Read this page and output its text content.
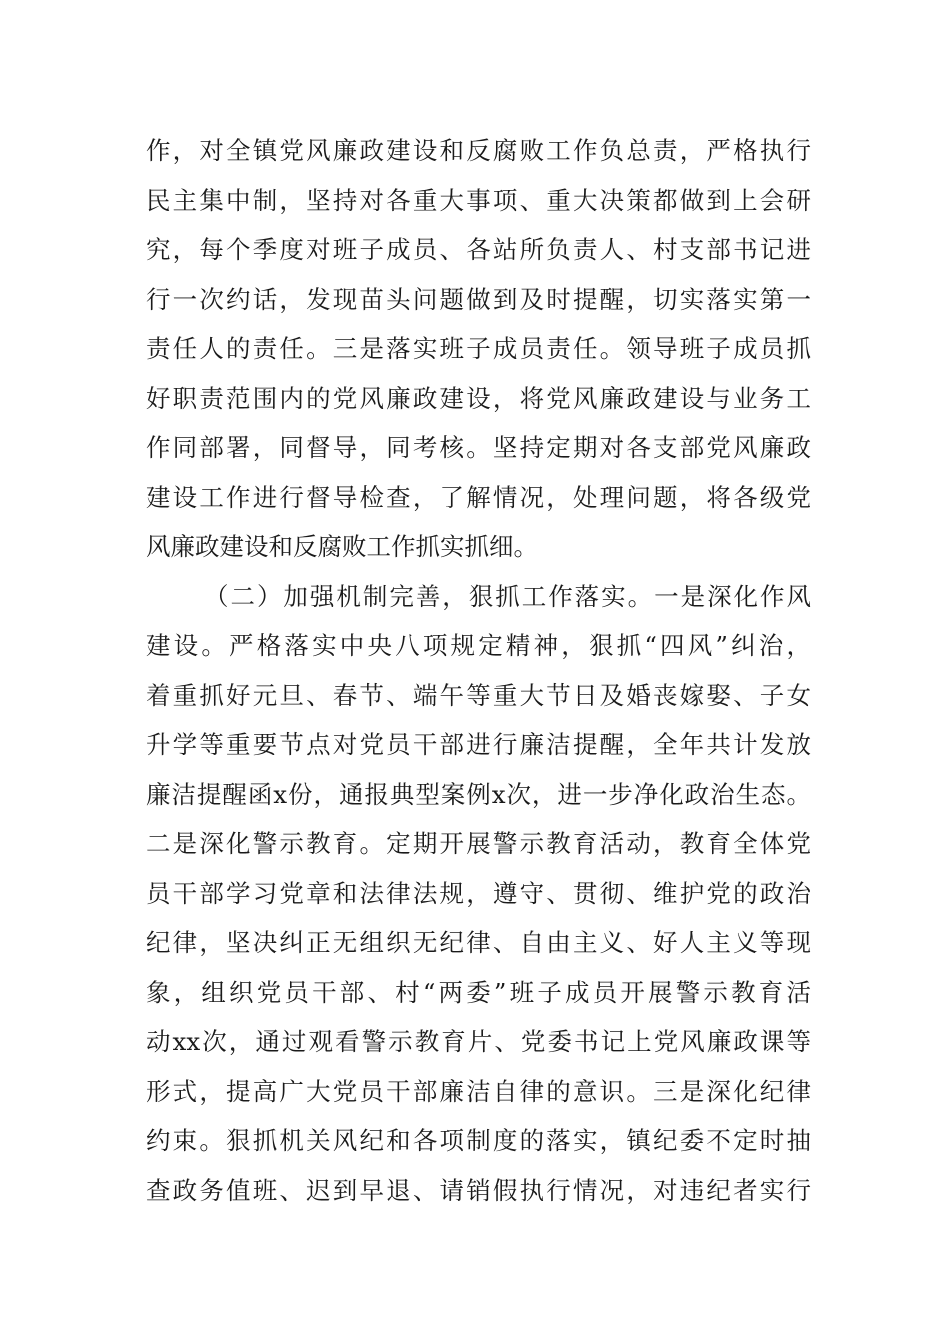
作，对全镇党风廉政建设和反腐败工作负总责，严格执行
民主集中制，坚持对各重大事项、重大决策都做到上会研
究，每个季度对班子成员、各站所负责人、村支部书记进
行一次约话，发现苗头问题做到及时提醒，切实落实第一
责任人的责任。三是落实班子成员责任。领导班子成员抓
好职责范围内的党风廉政建设，将党风廉政建设与业务工
作同部署，同督导，同考核。坚持定期对各支部党风廉政
建设工作进行督导检查，了解情况，处理问题，将各级党
风廉政建设和反腐败工作抓实抓细。
（二）加强机制完善，狠抓工作落实。一是深化作风
建设。严格落实中央八项规定精神，狠抓“四风”纠治，
着重抓好元旦、春节、端午等重大节日及婚丧嫁娶、子女
升学等重要节点对党员干部进行廉洁提醒，全年共计发放
廉洁提醒函x份，通报典型案例x次，进一步净化政治生态。
二是深化警示教育。定期开展警示教育活动，教育全体党
员干部学习党章和法律法规，遵守、贯彻、维护党的政治
纪律，坚决纠正无组织无纪律、自由主义、好人主义等现
象，组织党员干部、村“两委”班子成员开展警示教育活
动xx次，通过观看警示教育片、党委书记上党风廉政课等
形式，提高广大党员干部廉洁自律的意识。三是深化纪律
约束。狠抓机关风纪和各项制度的落实，镇纪委不定时抽
查政务值班、迟到早退、请销假执行情况，对违纪者实行
